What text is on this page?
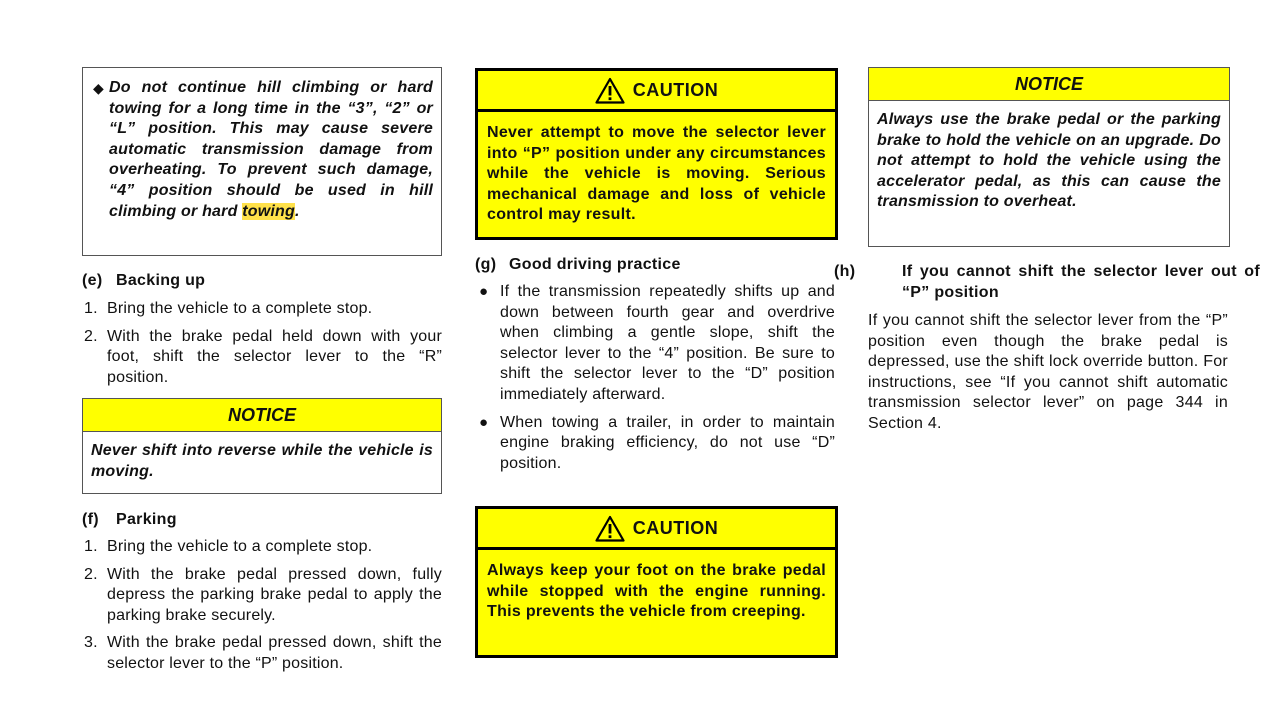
◆ Do not continue hill climbing or hard towing for a long time in the “3”, “2” or “L” position. This may cause severe automatic transmission damage from overheating. To prevent such damage, “4” position should be used in hill climbing or hard towing.

(e) Backing up
1. Bring the vehicle to a complete stop.
2. With the brake pedal held down with your foot, shift the selector lever to the “R” position.
NOTICE
Never shift into reverse while the vehicle is moving.
(f) Parking
1. Bring the vehicle to a complete stop.
2. With the brake pedal pressed down, fully depress the parking brake pedal to apply the parking brake securely.
3. With the brake pedal pressed down, shift the selector lever to the “P” position.
CAUTION
Never attempt to move the selector lever into “P” position under any circumstances while the vehicle is moving. Serious mechanical damage and loss of vehicle control may result.
(g) Good driving practice
● If the transmission repeatedly shifts up and down between fourth gear and overdrive when climbing a gentle slope, shift the selector lever to the “4” position. Be sure to shift the selector lever to the “D” position immediately afterward.
● When towing a trailer, in order to maintain engine braking efficiency, do not use “D” position.
CAUTION
Always keep your foot on the brake pedal while stopped with the engine running. This prevents the vehicle from creeping.
NOTICE
Always use the brake pedal or the parking brake to hold the vehicle on an upgrade. Do not attempt to hold the vehicle using the accelerator pedal, as this can cause the transmission to overheat.
(h)	If you cannot shift the selector lever out of “P” position

If you cannot shift the selector lever from the “P” position even though the brake pedal is depressed, use the shift lock override button. For instructions, see “If you cannot shift automatic transmission selector lever” on page 344 in Section 4.
